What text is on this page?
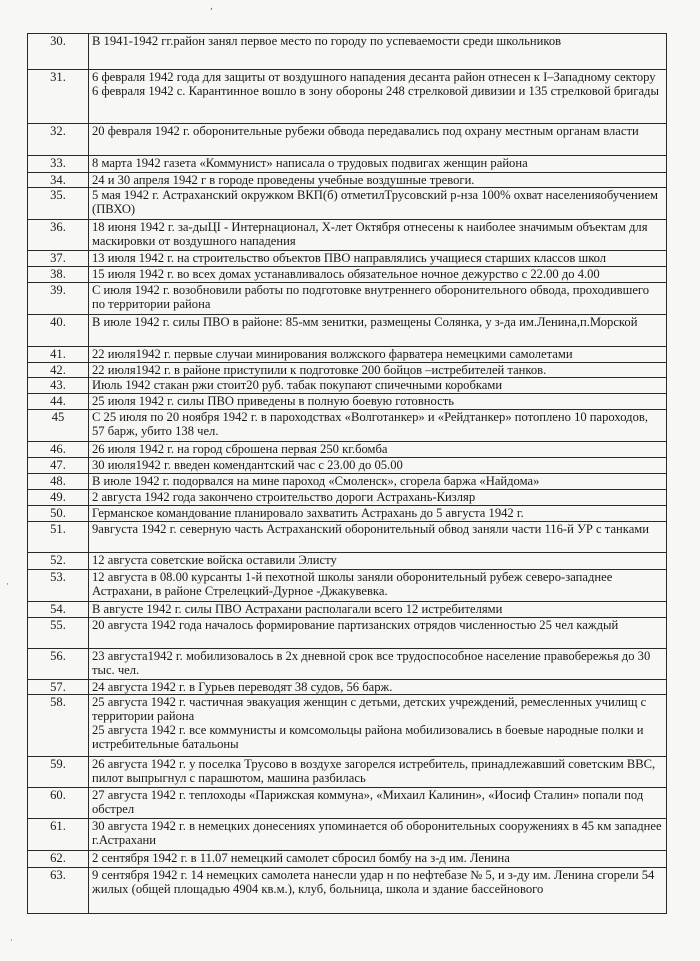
30.	В 1941-1942 гг.район занял первое место по городу по успеваемости среди школьников

31.	6 февраля 1942 года для защиты от воздушного нападения десанта район отнесен к I–Западному сектору
6 февраля 1942 с. Карантинное вошло в зону обороны 248 стрелковой дивизии и 135 стрелковой бригады

32.	20 февраля 1942 г. оборонительные рубежи обвода передавались под охрану местным органам власти

33.	8 марта 1942 газета «Коммунист» написала о трудовых подвигах женщин района

34.	24 и 30 апреля 1942 г в городе проведены учебные воздушные тревоги.

35.	5 мая 1942 г. Астраханский окружком ВКП(б) отметилТрусовский р-нза 100% охват населенияобучением (ПВХО)

36.	18 июня 1942 г. за-дыЦI - Интернационал, Х-лет Октября отнесены к наиболее значимым объектам для маскировки от воздушного нападения

37.	13 июля 1942 г. на строительство объектов ПВО направлялись учащиеся старших классов школ

38.	15 июля 1942 г. во всех домах устанавливалось обязательное ночное дежурство с 22.00 до 4.00

39.	С июля 1942 г. возобновили работы по подготовке внутреннего оборонительного обвода, проходившего по территории района

40.	В июле 1942 г. силы ПВО в районе: 85-мм зенитки, размещены Солянка, у з-да им.Ленина,п.Морской

41.	22 июля1942 г. первые случаи минирования волжского фарватера немецкими самолетами

42.	22 июля1942 г. в районе приступили к подготовке 200 бойцов –истребителей танков.

43.	Июль 1942 стакан ржи стоит20 руб. табак покупают спичечными коробками

44.	25 июля 1942 г. силы ПВО приведены в полную боевую готовность

45	С 25 июля по 20 ноября 1942 г. в пароходствах «Волготанкер» и «Рейдтанкер» потоплено 10 пароходов, 57 барж, убито 138 чел.

46.	26 июля 1942 г. на город сброшена первая 250 кг.бомба

47.	30 июля1942 г. введен комендантский час с 23.00 до 05.00

48.	В июле 1942 г. подорвался на мине пароход «Смоленск», сгорела баржа «Найдома»

49.	2 августа 1942 года закончено строительство дороги Астрахань-Кизляр

50.	Германское командование планировало захватить Астрахань до 5 августа 1942 г.

51.	9августа 1942 г. северную часть Астраханский оборонительный обвод заняли части 116-й УР с танками

52.	12 августа советские войска оставили Элисту

53.	12 августа в 08.00 курсанты 1-й пехотной школы заняли оборонительный рубеж северо-западнее Астрахани, в районе Стрелецкий-Дурное -Джакувевка.

54.	В августе 1942 г. силы ПВО Астрахани располагали всего 12 истребителями

55.	20 августа 1942 года началось формирование партизанских отрядов численностью 25 чел каждый

56.	23 августа1942 г. мобилизовалось в 2х дневной срок все трудоспособное население правобережья до 30 тыс. чел.

57.	24 августа 1942 г. в Гурьев переводят 38 судов, 56 барж.

58.	25 августа 1942 г. частичная эвакуация женщин с детьми, детских учреждений, ремесленных училищ с территории района
25 августа 1942 г. все коммунисты и комсомольцы района мобилизовались в боевые народные полки и истребительные батальоны

59.	26 августа 1942 г. у поселка Трусово в воздухе загорелся истребитель, принадлежавший советским ВВС, пилот выпрыгнул с парашютом, машина разбилась

60.	27 августа 1942 г. теплоходы «Парижская коммуна», «Михаил Калинин», «Иосиф Сталин» попали под обстрел

61.	30 августа 1942 г. в немецких донесениях упоминается об оборонительных сооружениях в 45 км западнее г.Астрахани

62.	2 сентября 1942 г. в 11.07 немецкий самолет сбросил бомбу на з-д им. Ленина

63.	9 сентября 1942 г. 14 немецких самолета нанесли удар н по нефтебазе № 5, и з-ду им. Ленина сгорели 54 жилых (общей площадью 4904 кв.м.), клуб, больница, школа и здание бассейнового
,
·
·
